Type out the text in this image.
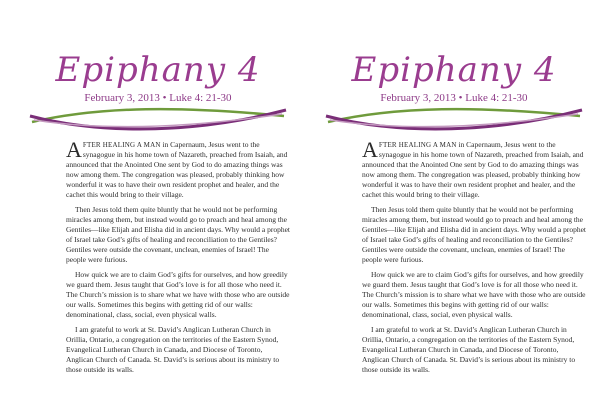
Epiphany 4
February 3, 2013 • Luke 4: 21-30

AFTER HEALING A MAN in Capernaum, Jesus went to the synagogue in his home town of Nazareth, preached from Isaiah, and announced that the Anointed One sent by God to do amazing things was now among them. The congregation was pleased, probably thinking how wonderful it was to have their own resident prophet and healer, and the cachet this would bring to their village.

Then Jesus told them quite bluntly that he would not be performing miracles among them, but instead would go to preach and heal among the Gentiles—like Elijah and Elisha did in ancient days. Why would a prophet of Israel take God’s gifts of healing and reconciliation to the Gentiles? Gentiles were outside the covenant, unclean, enemies of Israel! The people were furious.

How quick we are to claim God’s gifts for ourselves, and how greedily we guard them. Jesus taught that God’s love is for all those who need it. The Church’s mission is to share what we have with those who are outside our walls. Sometimes this begins with getting rid of our walls: denominational, class, social, even physical walls.

I am grateful to work at St. David’s Anglican Lutheran Church in Orillia, Ontario, a congregation on the territories of the Eastern Synod, Evangelical Lutheran Church in Canada, and Diocese of Toronto, Anglican Church of Canada. St. David’s is serious about its ministry to those outside its walls.

Epiphany 4
February 3, 2013 • Luke 4: 21-30

AFTER HEALING A MAN in Capernaum, Jesus went to the synagogue in his home town of Nazareth, preached from Isaiah, and announced that the Anointed One sent by God to do amazing things was now among them. The congregation was pleased, probably thinking how wonderful it was to have their own resident prophet and healer, and the cachet this would bring to their village.

Then Jesus told them quite bluntly that he would not be performing miracles among them, but instead would go to preach and heal among the Gentiles—like Elijah and Elisha did in ancient days. Why would a prophet of Israel take God’s gifts of healing and reconciliation to the Gentiles? Gentiles were outside the covenant, unclean, enemies of Israel! The people were furious.

How quick we are to claim God’s gifts for ourselves, and how greedily we guard them. Jesus taught that God’s love is for all those who need it. The Church’s mission is to share what we have with those who are outside our walls. Sometimes this begins with getting rid of our walls: denominational, class, social, even physical walls.

I am grateful to work at St. David’s Anglican Lutheran Church in Orillia, Ontario, a congregation on the territories of the Eastern Synod, Evangelical Lutheran Church in Canada, and Diocese of Toronto, Anglican Church of Canada. St. David’s is serious about its ministry to those outside its walls.
